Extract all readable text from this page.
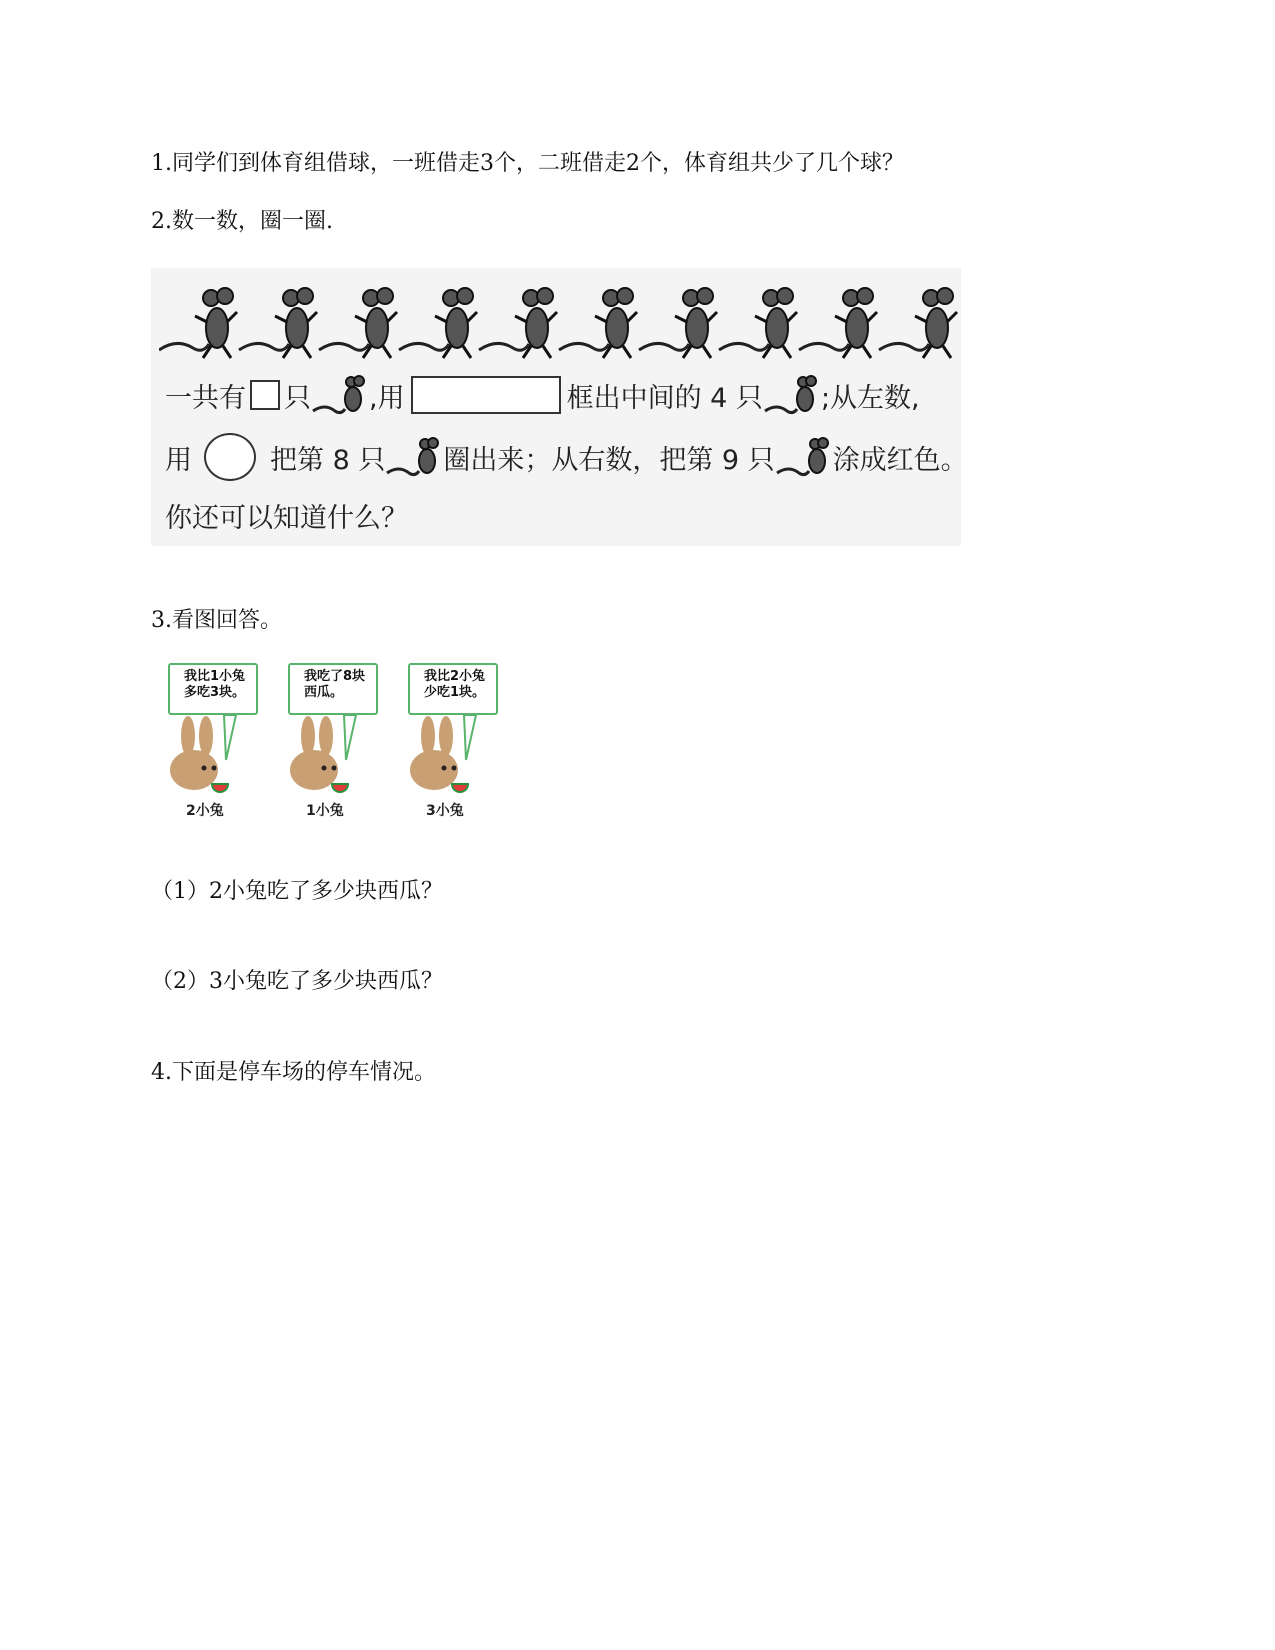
1.同学们到体育组借球，一班借走3个，二班借走2个，体育组共少了几个球？
2.数一数，圈一圈.
一共有 只 ,用	框出中间的 4 只 ;从左数,
用	把第 8 只 圈出来；从右数，把第 9 只 涂成红色。
你还可以知道什么？
3.看图回答。
我比1小兔
多吃3块。
2小兔
我吃了8块
西瓜。
1小兔
我比2小兔
少吃1块。
3小兔
（1）2小兔吃了多少块西瓜？
（2）3小兔吃了多少块西瓜？
4.下面是停车场的停车情况。
